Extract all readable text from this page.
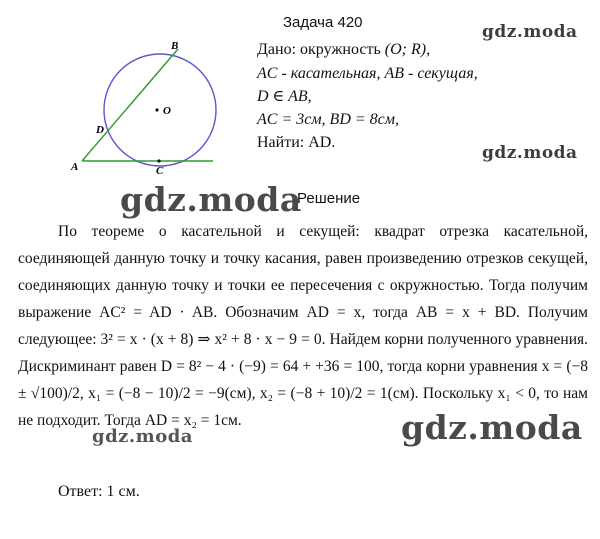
Задача 420
B
O
D
A	C
Дано: окружность (O; R),
AC - касательная, AB - секущая,
D ∈ AB,
AC = 3см, BD = 8см,
Найти: AD.
gdz.moda
gdz.moda
gdz.moda
gdz.moda	gdz.moda
Решение
По теореме о касательной и секущей: квадрат отрезка касательной, соединяющей данную точку и точку касания, равен произведению отрезков секущей, соединяющих данную точку и точки ее пересечения с окружностью. Тогда получим выражение AC² = AD · AB. Обозначим AD = x, тогда AB = x + BD. Получим следующее: 3² = x · (x + 8) ⇒ x² + 8 · x − 9 = 0. Найдем корни полученного уравнения. Дискриминант равен D = 8² − 4 · (−9) = 64 + +36 = 100, тогда корни уравнения x = (−8 ± √100)/2, x₁ = (−8 − 10)/2 = −9(см), x₂ = (−8 + 10)/2 = 1(см). Поскольку x₁ < 0, то нам не подходит. Тогда AD = x₂ = 1см.
Ответ: 1 см.
